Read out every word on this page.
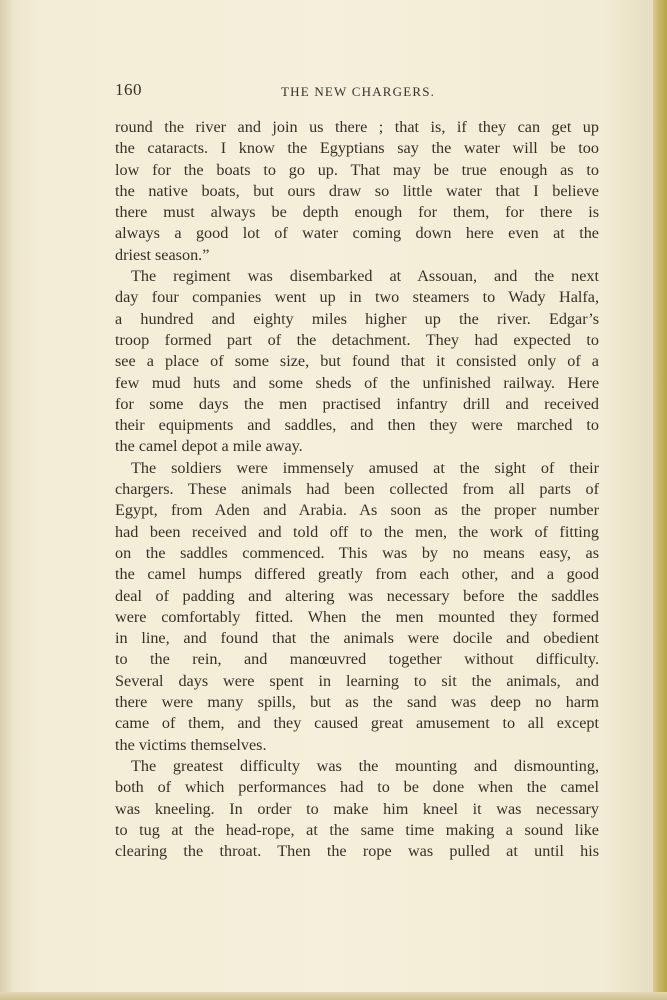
160	THE NEW CHARGERS.
round the river and join us there ; that is, if they can get up
the cataracts. I know the Egyptians say the water will be too
low for the boats to go up. That may be true enough as to
the native boats, but ours draw so little water that I believe
there must always be depth enough for them, for there is
always a good lot of water coming down here even at the
driest season.”
The regiment was disembarked at Assouan, and the next
day four companies went up in two steamers to Wady Halfa,
a hundred and eighty miles higher up the river. Edgar’s
troop formed part of the detachment. They had expected to
see a place of some size, but found that it consisted only of a
few mud huts and some sheds of the unfinished railway. Here
for some days the men practised infantry drill and received
their equipments and saddles, and then they were marched to
the camel depot a mile away.
The soldiers were immensely amused at the sight of their
chargers. These animals had been collected from all parts of
Egypt, from Aden and Arabia. As soon as the proper number
had been received and told off to the men, the work of fitting
on the saddles commenced. This was by no means easy, as
the camel humps differed greatly from each other, and a good
deal of padding and altering was necessary before the saddles
were comfortably fitted. When the men mounted they formed
in line, and found that the animals were docile and obedient
to the rein, and manœuvred together without difficulty.
Several days were spent in learning to sit the animals, and
there were many spills, but as the sand was deep no harm
came of them, and they caused great amusement to all except
the victims themselves.
The greatest difficulty was the mounting and dismounting,
both of which performances had to be done when the camel
was kneeling. In order to make him kneel it was necessary
to tug at the head-rope, at the same time making a sound like
clearing the throat. Then the rope was pulled at until his
